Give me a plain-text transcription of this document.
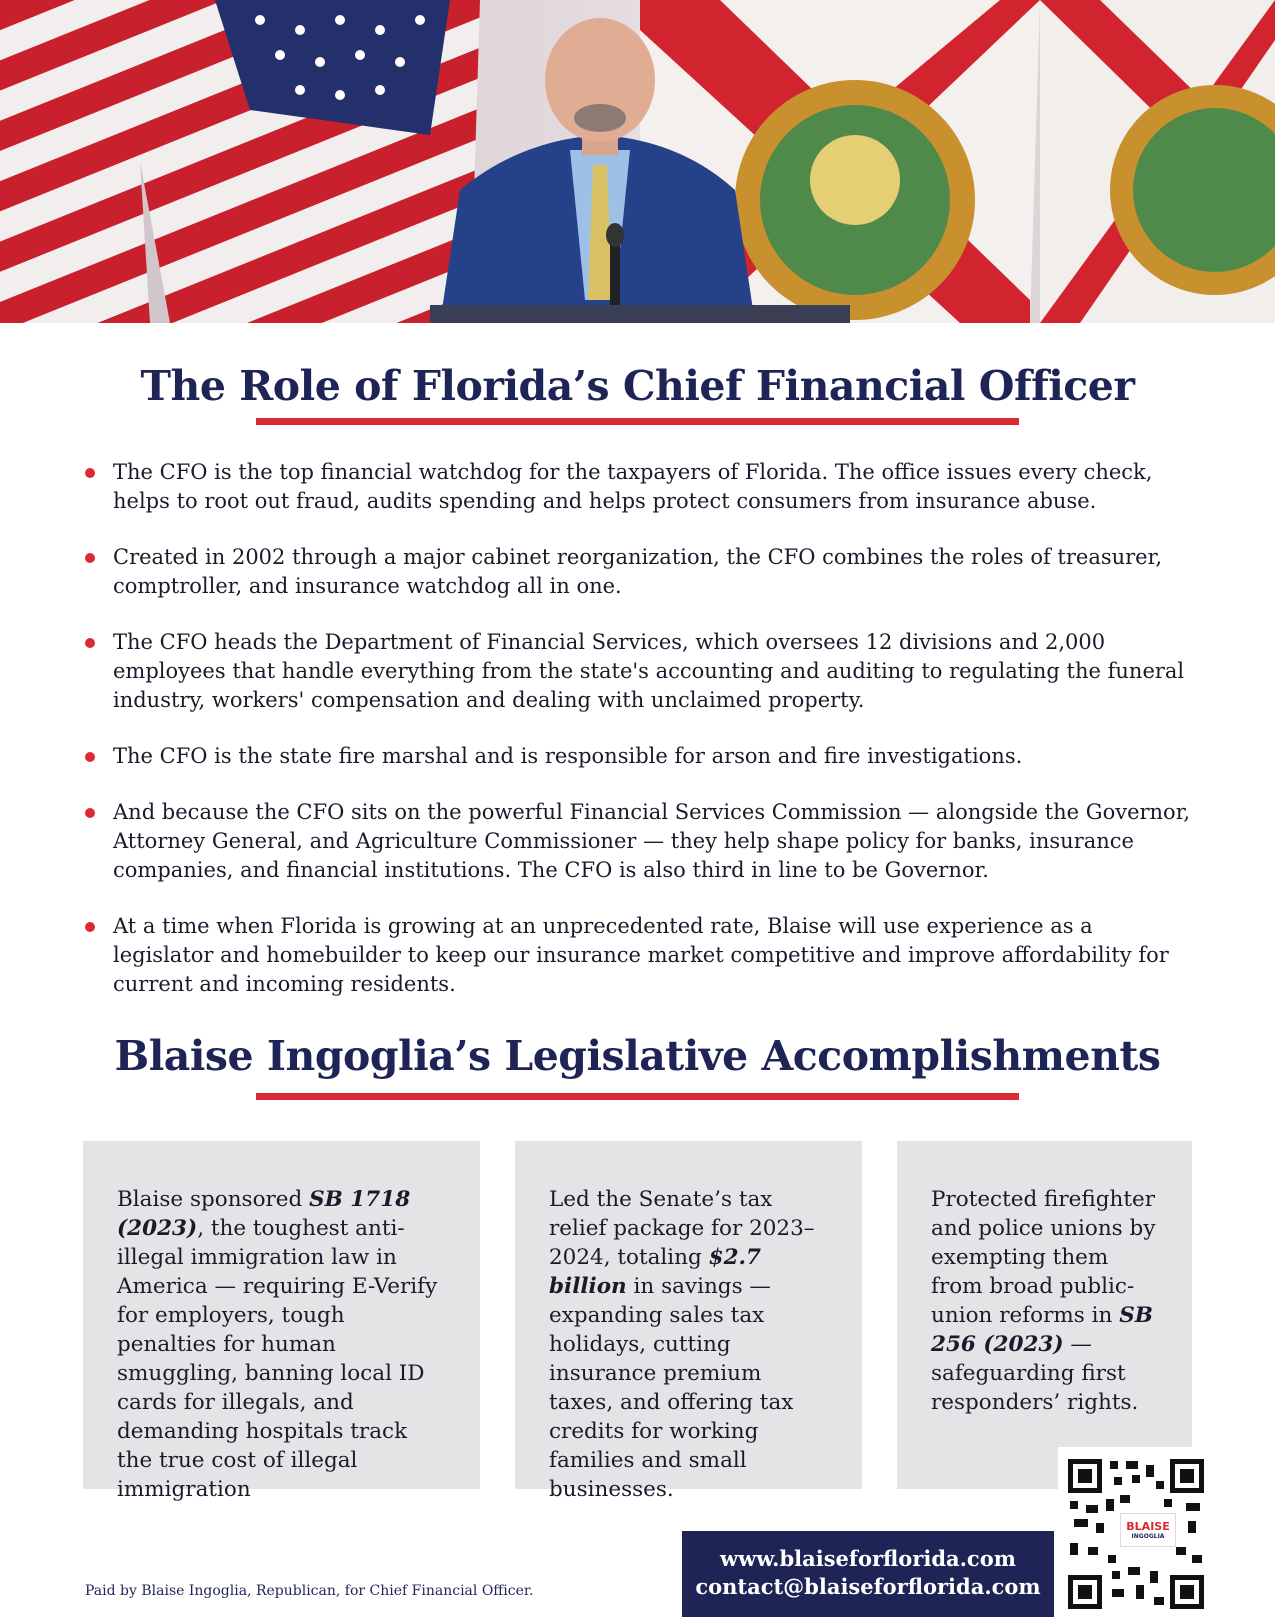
The Role of Florida’s Chief Financial Officer
The CFO is the top financial watchdog for the taxpayers of Florida. The office issues every check, helps to root out fraud, audits spending and helps protect consumers from insurance abuse.
Created in 2002 through a major cabinet reorganization, the CFO combines the roles of treasurer, comptroller, and insurance watchdog all in one.
The CFO heads the Department of Financial Services, which oversees 12 divisions and 2,000 employees that handle everything from the state's accounting and auditing to regulating the funeral industry, workers' compensation and dealing with unclaimed property.
The CFO is the state fire marshal and is responsible for arson and fire investigations.
And because the CFO sits on the powerful Financial Services Commission — alongside the Governor, Attorney General, and Agriculture Commissioner — they help shape policy for banks, insurance companies, and financial institutions. The CFO is also third in line to be Governor.
At a time when Florida is growing at an unprecedented rate, Blaise will use experience as a legislator and homebuilder to keep our insurance market competitive and improve affordability for current and incoming residents.
Blaise Ingoglia’s Legislative Accomplishments
Blaise sponsored SB 1718 (2023), the toughest anti-illegal immigration law in America — requiring E-Verify for employers, tough penalties for human smuggling, banning local ID cards for illegals, and demanding hospitals track the true cost of illegal immigration
Led the Senate’s tax relief package for 2023–2024, totaling $2.7 billion in savings — expanding sales tax holidays, cutting insurance premium taxes, and offering tax credits for working families and small businesses.
Protected firefighter and police unions by exempting them from broad public-union reforms in SB 256 (2023) — safeguarding first responders’ rights.
Paid by Blaise Ingoglia, Republican, for Chief Financial Officer.
www.blaiseforflorida.com
contact@blaiseforflorida.com
BLAISE
INGOGLIA
